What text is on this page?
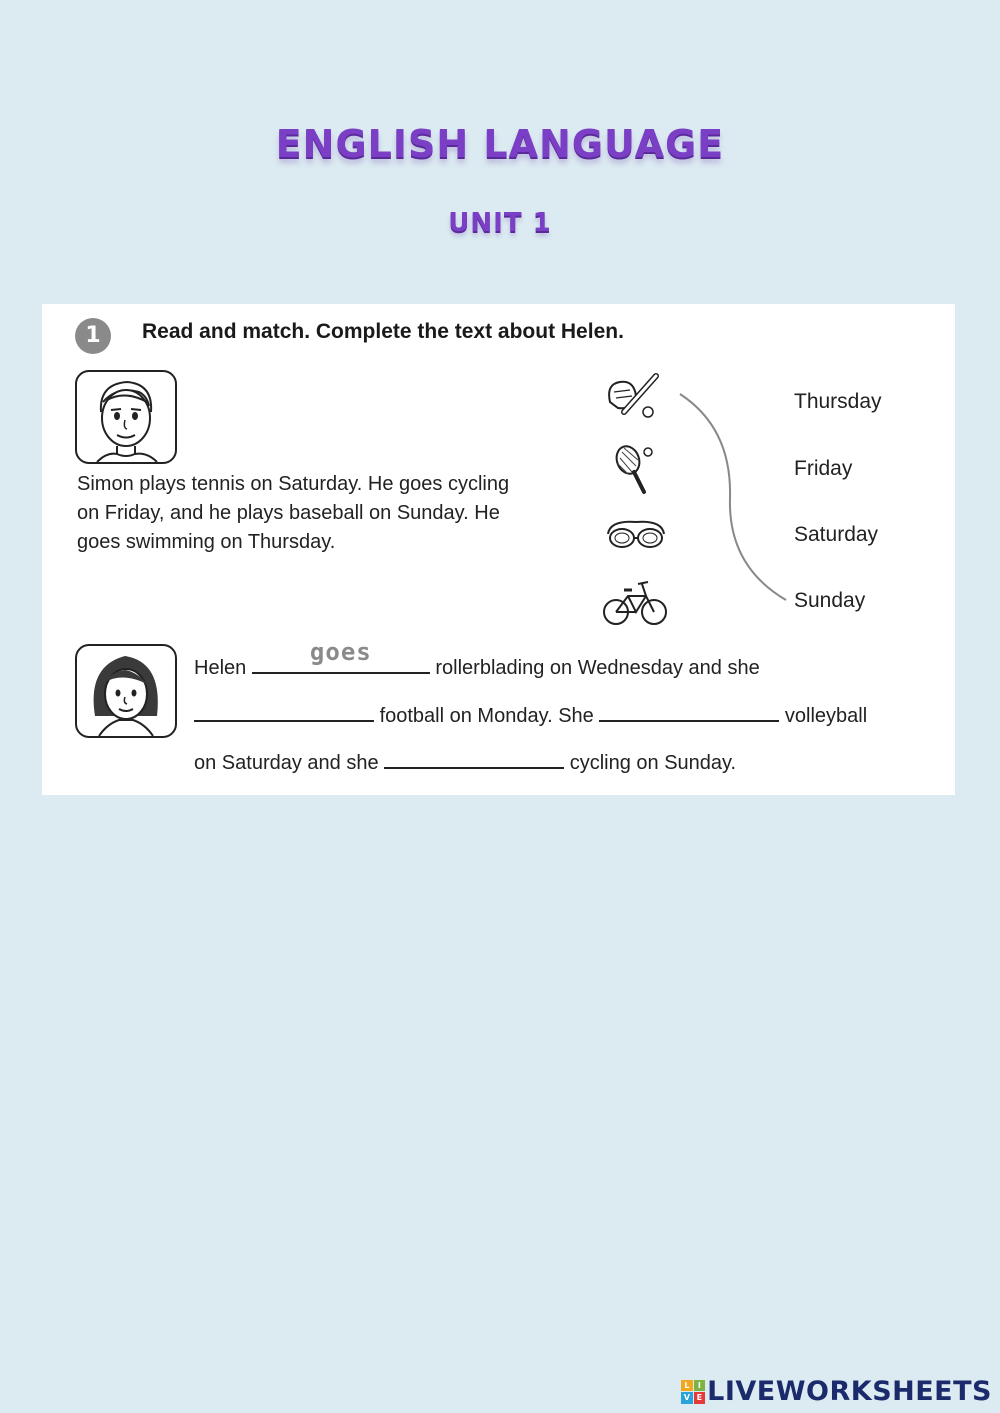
ENGLISH LANGUAGE
UNIT 1
1	Read and match. Complete the text about Helen.
Simon plays tennis on Saturday. He goes cycling on Friday, and he plays baseball on Sunday. He goes swimming on Thursday.
Thursday
Friday
Saturday
Sunday
Helen
goes
rollerblading on Wednesday and she
football on Monday. She	volleyball
on Saturday and she	cycling on Sunday.
L	I
V E LIVEWORKSHEETS
